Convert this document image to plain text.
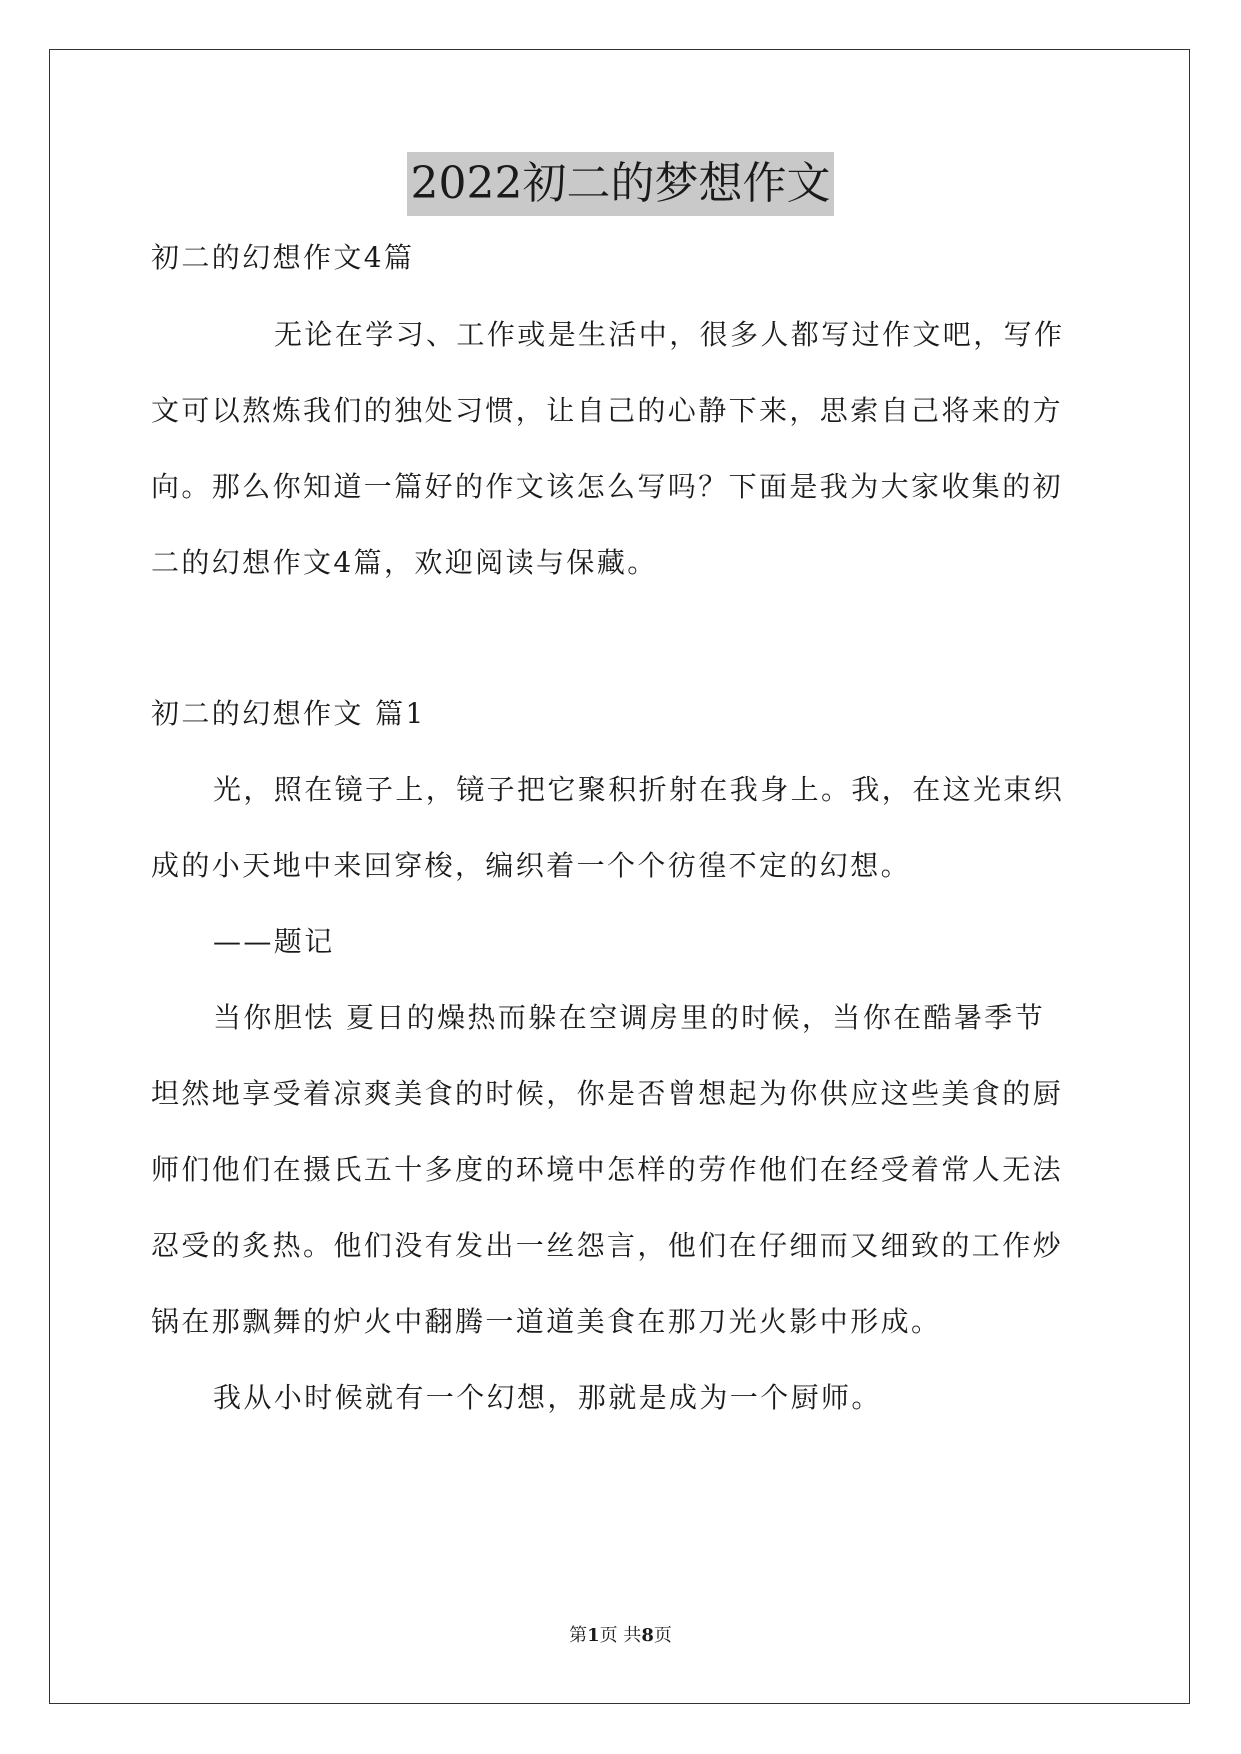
2022初二的梦想作文
初二的幻想作文4篇
无论在学习、工作或是生活中，很多人都写过作文吧，写作
文可以熬炼我们的独处习惯，让自己的心静下来，思索自己将来的方
向。那么你知道一篇好的作文该怎么写吗？下面是我为大家收集的初
二的幻想作文4篇，欢迎阅读与保藏。
初二的幻想作文 篇1
光，照在镜子上，镜子把它聚积折射在我身上。我，在这光束织
成的小天地中来回穿梭，编织着一个个彷徨不定的幻想。
——题记
当你胆怯 夏日的燥热而躲在空调房里的时候，当你在酷暑季节
坦然地享受着凉爽美食的时候，你是否曾想起为你供应这些美食的厨
师们他们在摄氏五十多度的环境中怎样的劳作他们在经受着常人无法
忍受的炙热。他们没有发出一丝怨言，他们在仔细而又细致的工作炒
锅在那飘舞的炉火中翻腾一道道美食在那刀光火影中形成。
我从小时候就有一个幻想，那就是成为一个厨师。
第1页 共8页
